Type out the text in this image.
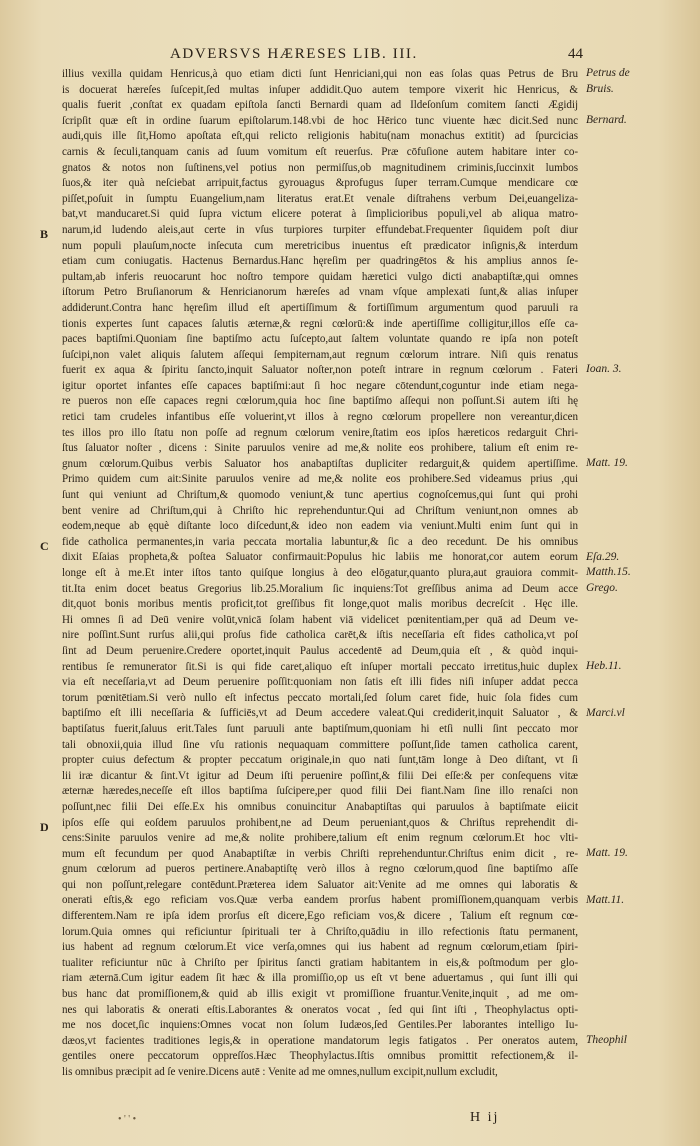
ADVERSVS HÆRESES LIB. III.	44
illius vexilla quidam Henricus,à quo etiam dicti ſunt Henriciani,qui non eas ſolas quas Petrus de Bru
is docuerat hæreſes ſuſcepit,ſed multas inſuper addidit.Quo autem tempore vixerit hic Henricus, &
qualis fuerit ,conſtat ex quadam epiſtola ſancti Bernardi quam ad Ildeſonſum comitem ſancti Ægidij
ſcripſit quæ eſt in ordine ſuarum epiſtolarum.148.vbi de hoc Hērico tunc viuente hæc dicit.Sed nunc
audi,quis ille ſit,Homo apoſtata eſt,qui relicto religionis habitu(nam monachus extitit) ad ſpurcicias
carnis & ſeculi,tanquam canis ad ſuum vomitum eſt reuerſus. Præ cōfuſione autem habitare inter co-
gnatos & notos non ſuſtinens,vel potius non permiſſus,ob magnitudinem criminis,ſuccinxit lumbos
ſuos,& iter quà neſciebat arripuit,factus gyrouagus &profugus ſuper terram.Cumque mendicare cœ
piſſet,poſuit in ſumptu Euangelium,nam literatus erat.Et venale diſtrahens verbum Dei,euangeliza-
bat,vt manducaret.Si quid ſupra victum elicere poterat à ſimplicioribus populi,vel ab aliqua matro-
narum,id ludendo aleis,aut certe in vſus turpiores turpiter effundebat.Frequenter ſiquidem poſt diur
num populi plauſum,nocte inſecuta cum meretricibus inuentus eſt prædicator inſignis,& interdum
etiam cum coniugatis. Hactenus Bernardus.Hanc hęreſim per quadringētos & his amplius annos ſe-
pultam,ab inferis reuocarunt hoc noſtro tempore quidam hæretici vulgo dicti anabaptiſtæ,qui omnes
iſtorum Petro Bruſianorum & Henricianorum hæreſes ad vnam vſque amplexati ſunt,& alias inſuper
addiderunt.Contra hanc hęreſim illud eſt apertiſſimum & fortiſſimum argumentum quod paruuli ra
tionis expertes ſunt capaces ſalutis æternæ,& regni cœlorū:& inde apertiſſime colligitur,illos eſſe ca-
paces baptiſmi.Quoniam ſine baptiſmo actu ſuſcepto,aut ſaltem voluntate quando re ipſa non poteſt
ſuſcipi,non valet aliquis ſalutem aſſequi ſempiternam,aut regnum cœlorum intrare. Niſi quis renatus
fuerit ex aqua & ſpiritu ſancto,inquit Saluator noſter,non poteſt intrare in regnum cœlorum . Fateri
igitur oportet infantes eſſe capaces baptiſmi:aut ſi hoc negare cōtendunt,coguntur inde etiam nega-
re pueros non eſſe capaces regni cœlorum,quia hoc ſine baptiſmo aſſequi non poſſunt.Si autem iſti hę
retici tam crudeles infantibus eſſe voluerint,vt illos à regno cœlorum propellere non vereantur,dicen
tes illos pro illo ſtatu non poſſe ad regnum cœlorum venire,ſtatim eos ipſos hæreticos redarguit Chri-
ſtus ſaluator noſter , dicens : Sinite paruulos venire ad me,& nolite eos prohibere, talium eſt enim re-
gnum cœlorum.Quibus verbis Saluator hos anabaptiſtas dupliciter redarguit,& quidem apertiſſime.
Primo quidem cum ait:Sinite paruulos venire ad me,& nolite eos prohibere.Sed videamus prius ,qui
ſunt qui veniunt ad Chriſtum,& quomodo veniunt,& tunc apertius cognoſcemus,qui ſunt qui prohi
bent venire ad Chriſtum,qui à Chriſto hic reprehenduntur.Qui ad Chriſtum veniunt,non omnes ab
eodem,neque ab ęquè diſtante loco diſcedunt,& ideo non eadem via veniunt.Multi enim ſunt qui in
fide catholica permanentes,in varia peccata mortalia labuntur,& ſic a deo recedunt. De his omnibus
dixit Eſaias propheta,& poſtea Saluator confirmauit:Populus hic labiis me honorat,cor autem eorum
longe eſt à me.Et inter iſtos tanto quiſque longius à deo elōgatur,quanto plura,aut grauiora commit-
tit.Ita enim docet beatus Gregorius lib.25.Moralium ſic inquiens:Tot greſſibus anima ad Deum acce
dit,quot bonis moribus mentis proficit,tot greſſibus fit longe,quot malis moribus decreſcit . Hęc ille.
Hi omnes ſi ad Deū venire volūt,vnicā ſolam habent viā videlicet pœnitentiam,per quā ad Deum ve-
nire poſſint.Sunt rurſus alii,qui proſus fide catholica carēt,& iſtis neceſſaria eſt fides catholica,vt poſ
ſint ad Deum peruenire.Credere oportet,inquit Paulus accedentē ad Deum,quia eſt , & quòd inqui-
rentibus ſe remunerator ſit.Si is qui fide caret,aliquo eſt inſuper mortali peccato irretitus,huic duplex
via eſt neceſſaria,vt ad Deum peruenire poſſit:quoniam non ſatis eſt illi fides niſi inſuper addat pecca
torum pœnitētiam.Si verò nullo eſt infectus peccato mortali,ſed ſolum caret fide, huic ſola fides cum
baptiſmo eſt illi neceſſaria & ſufficiēs,vt ad Deum accedere valeat.Qui crediderit,inquit Saluator , &
baptiſatus fuerit,ſaluus erit.Tales ſunt paruuli ante baptiſmum,quoniam hi etſi nulli ſint peccato mor
tali obnoxii,quia illud ſine vſu rationis nequaquam committere poſſunt,ſide tamen catholica carent,
propter cuius defectum & propter peccatum originale,in quo nati ſunt,tām longe à Deo diſtant, vt ſi
lii iræ dicantur & ſint.Vt igitur ad Deum iſti peruenire poſſint,& filii Dei eſſe:& per conſequens vitæ
æternæ hæredes,neceſſe eſt illos baptiſma ſuſcipere,per quod filii Dei fiant.Nam ſine illo renaſci non
poſſunt,nec filii Dei eſſe.Ex his omnibus conuincitur Anabaptiſtas qui paruulos à baptiſmate eiicit
ipſos eſſe qui eoſdem paruulos prohibent,ne ad Deum perueniant,quos & Chriſtus reprehendit di-
cens:Sinite paruulos venire ad me,& nolite prohibere,talium eſt enim regnum cœlorum.Et hoc vlti-
mum eſt fecundum per quod Anabaptiſtæ in verbis Chriſti reprehenduntur.Chriſtus enim dicit , re-
gnum cœlorum ad pueros pertinere.Anabaptiſtę verò illos à regno cœlorum,quod ſine baptiſmo aſſe
qui non poſſunt,relegare contēdunt.Præterea idem Saluator ait:Venite ad me omnes qui laboratis &
onerati eſtis,& ego reficiam vos.Quæ verba eandem prorſus habent promiſſionem,quanquam verbis
differentem.Nam re ipſa idem prorſus eſt dicere,Ego reficiam vos,& dicere , Talium eſt regnum cœ-
lorum.Quia omnes qui reficiuntur ſpirituali ter à Chriſto,quādiu in illo refectionis ſtatu permanent,
ius habent ad regnum cœlorum.Et vice verſa,omnes qui ius habent ad regnum cœlorum,etiam ſpiri-
tualiter reficiuntur nūc à Chriſto per ſpiritus ſancti gratiam habitantem in eis,& poſtmodum per glo-
riam æternā.Cum igitur eadem ſit hæc & illa promiſſio,op us eſt vt bene aduertamus , qui ſunt illi qui
bus hanc dat promiſſionem,& quid ab illis exigit vt promiſſione fruantur.Venite,inquit , ad me om-
nes qui laboratis & onerati eſtis.Laborantes & oneratos vocat , ſed qui ſint iſti , Theophylactus opti-
me nos docet,ſic inquiens:Omnes vocat non ſolum Iudæos,ſed Gentiles.Per laborantes intelligo Iu-
dæos,vt facientes traditiones legis,& in operatione mandatorum legis fatigatos . Per oneratos autem,
gentiles onere peccatorum oppreſſos.Hæc Theophylactus.Iſtis omnibus promittit refectionem,& il-
lis omnibus præcipit ad ſe venire.Dicens autē : Venite ad me omnes,nullum excipit,nullum excludit,
Petrus de
Bruis.
Bernard.
Ioan. 3.
Matt. 19.
Eſa.29.
Matth.15.
Grego.
Heb.11.
Marci.vl
Matt. 19.
Matt.11.
Theophil
B
C
D
• ' ' •	H ij
